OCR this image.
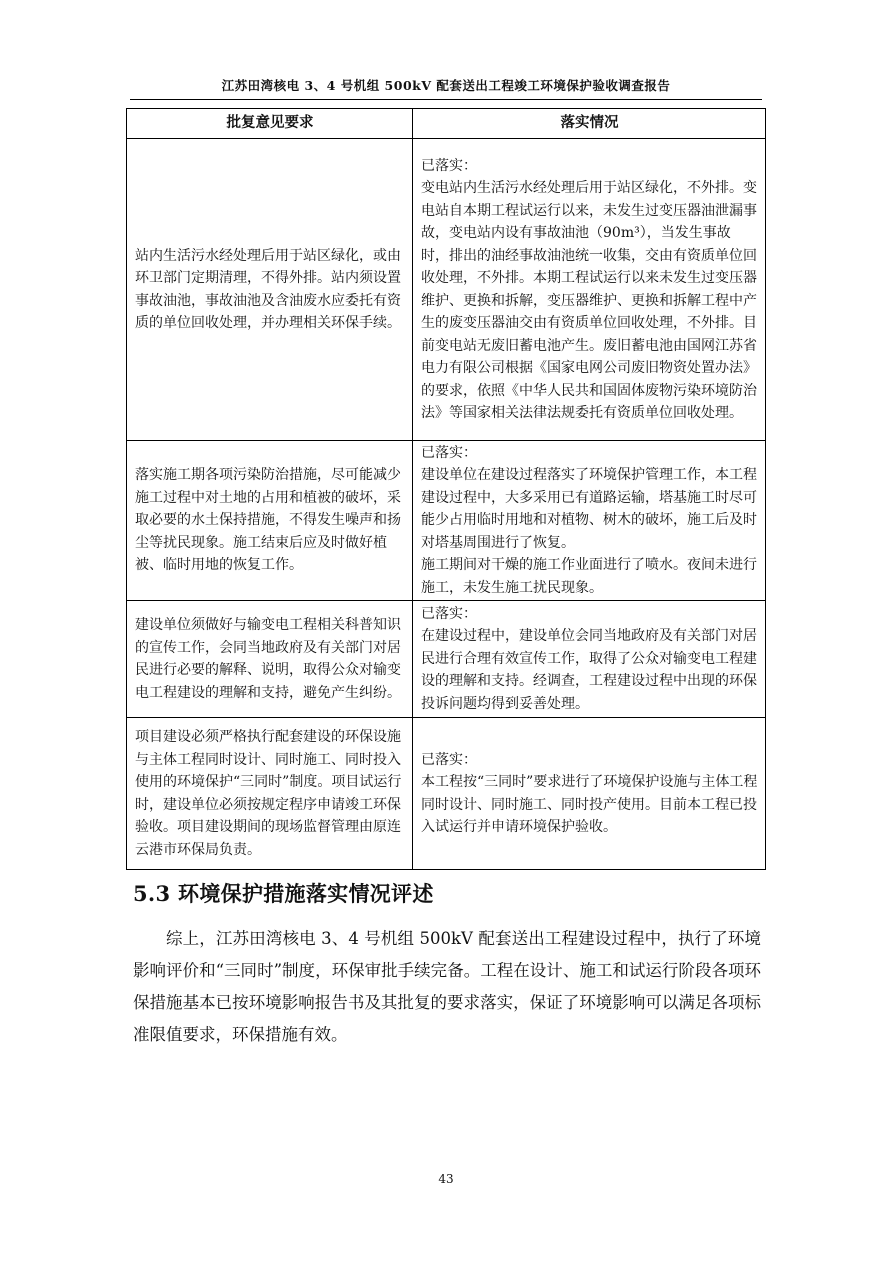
江苏田湾核电 3、4 号机组 500kV 配套送出工程竣工环境保护验收调查报告
批复意见要求	落实情况
站内生活污水经处理后用于站区绿化，或由环卫部门定期清理，不得外排。站内须设置事故油池，事故油池及含油废水应委托有资质的单位回收处理，并办理相关环保手续。	已落实：
变电站内生活污水经处理后用于站区绿化，不外排。变电站自本期工程试运行以来，未发生过变压器油泄漏事故，变电站内设有事故油池（90m³），当发生事故时，排出的油经事故油池统一收集，交由有资质单位回收处理，不外排。本期工程试运行以来未发生过变压器维护、更换和拆解，变压器维护、更换和拆解工程中产生的废变压器油交由有资质单位回收处理，不外排。目前变电站无废旧蓄电池产生。废旧蓄电池由国网江苏省电力有限公司根据《国家电网公司废旧物资处置办法》的要求，依照《中华人民共和国固体废物污染环境防治法》等国家相关法律法规委托有资质单位回收处理。

落实施工期各项污染防治措施，尽可能减少施工过程中对土地的占用和植被的破坏，采取必要的水土保持措施，不得发生噪声和扬尘等扰民现象。施工结束后应及时做好植被、临时用地的恢复工作。	已落实：
建设单位在建设过程落实了环境保护管理工作，本工程建设过程中，大多采用已有道路运输，塔基施工时尽可能少占用临时用地和对植物、树木的破坏，施工后及时对塔基周围进行了恢复。
施工期间对干燥的施工作业面进行了喷水。夜间未进行施工，未发生施工扰民现象。

建设单位须做好与输变电工程相关科普知识的宣传工作，会同当地政府及有关部门对居民进行必要的解释、说明，取得公众对输变电工程建设的理解和支持，避免产生纠纷。	已落实：
在建设过程中，建设单位会同当地政府及有关部门对居民进行合理有效宣传工作，取得了公众对输变电工程建设的理解和支持。经调查，工程建设过程中出现的环保投诉问题均得到妥善处理。

项目建设必须严格执行配套建设的环保设施与主体工程同时设计、同时施工、同时投入使用的环境保护“三同时”制度。项目试运行时，建设单位必须按规定程序申请竣工环保验收。项目建设期间的现场监督管理由原连云港市环保局负责。	已落实：
本工程按“三同时”要求进行了环境保护设施与主体工程同时设计、同时施工、同时投产使用。目前本工程已投入试运行并申请环境保护验收。
5.3 环境保护措施落实情况评述

综上，江苏田湾核电 3、4 号机组 500kV 配套送出工程建设过程中，执行了环境影响评价和“三同时”制度，环保审批手续完备。工程在设计、施工和试运行阶段各项环保措施基本已按环境影响报告书及其批复的要求落实，保证了环境影响可以满足各项标准限值要求，环保措施有效。

43
